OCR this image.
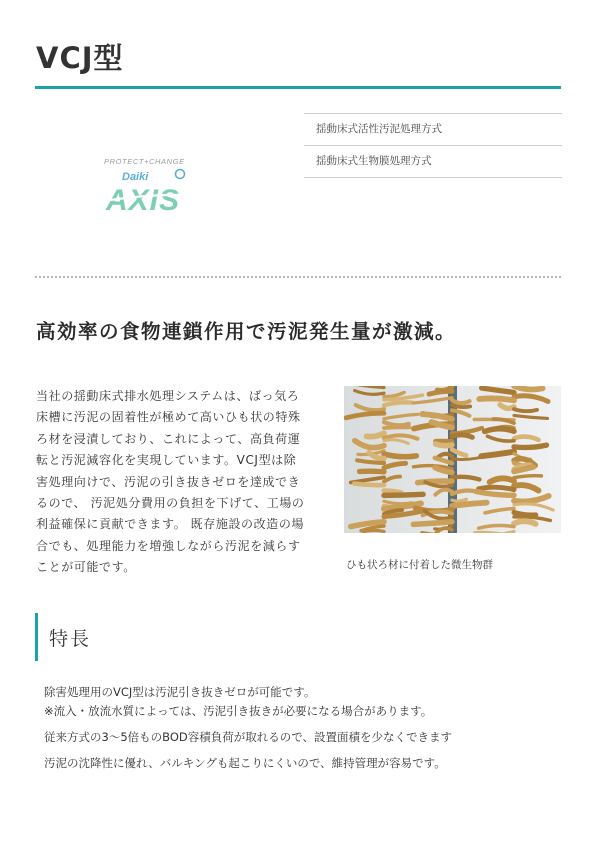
VCJ型
揺動床式活性汚泥処理方式
揺動床式生物膜処理方式
PROTECT+CHANGE
Daiki
AXIS
高効率の食物連鎖作用で汚泥発生量が激減。
当社の揺動床式排水処理システムは、ばっ気ろ
床槽に汚泥の固着性が極めて高いひも状の特殊
ろ材を浸漬しており、これによって、高負荷運
転と汚泥減容化を実現しています。VCJ型は除
害処理向けで、汚泥の引き抜きゼロを達成でき
るので、 汚泥処分費用の負担を下げて、工場の
利益確保に貢献できます。 既存施設の改造の場
合でも、処理能力を増強しながら汚泥を減らす
ことが可能です。	ひも状ろ材に付着した微生物群
特長
除害処理用のVCJ型は汚泥引き抜きゼロが可能です。
※流入・放流水質によっては、汚泥引き抜きが必要になる場合があります。
従来方式の3～5倍ものBOD容積負荷が取れるので、設置面積を少なくできます
汚泥の沈降性に優れ、バルキングも起こりにくいので、維持管理が容易です。
